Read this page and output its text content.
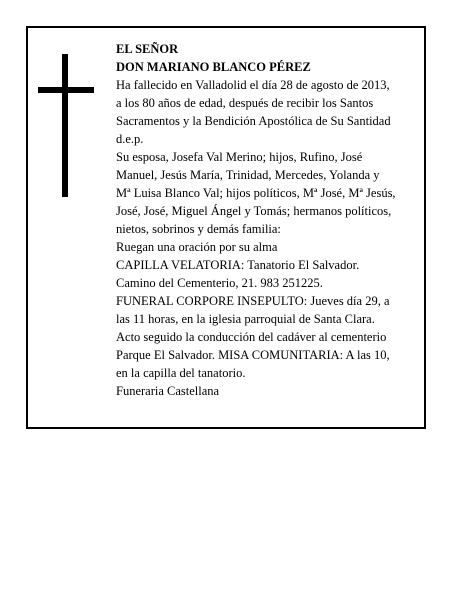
EL SEÑOR
DON MARIANO BLANCO PÉREZ
Ha fallecido en Valladolid el día 28 de agosto de 2013,
a los 80 años de edad, después de recibir los Santos
Sacramentos y la Bendición Apostólica de Su Santidad
d.e.p.
Su esposa, Josefa Val Merino; hijos, Rufino, José
Manuel, Jesús María, Trinidad, Mercedes, Yolanda y
Mª Luisa Blanco Val; hijos políticos, Mª José, Mª Jesús,
José, José, Miguel Ángel y Tomás; hermanos políticos,
nietos, sobrinos y demás familia:
Ruegan una oración por su alma
CAPILLA VELATORIA: Tanatorio El Salvador.
Camino del Cementerio, 21. 983 251225.
FUNERAL CORPORE INSEPULTO: Jueves día 29, a
las 11 horas, en la iglesia parroquial de Santa Clara.
Acto seguido la conducción del cadáver al cementerio
Parque El Salvador. MISA COMUNITARIA: A las 10,
en la capilla del tanatorio.
Funeraria Castellana
